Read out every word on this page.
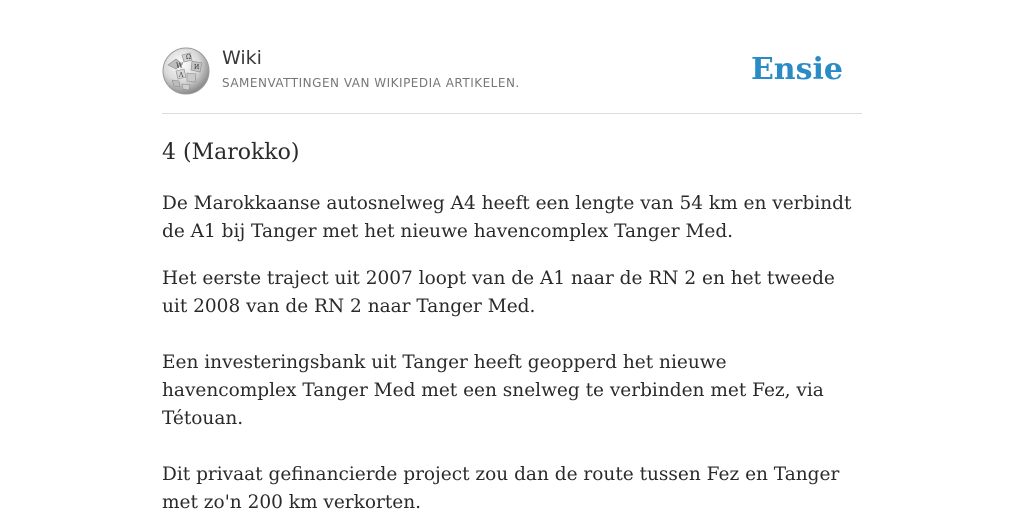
W
Ω
И
Λ
Wiki
SAMENVATTINGEN VAN WIKIPEDIA ARTIKELEN.	Ensie
4 (Marokko)

De Marokkaanse autosnelweg A4 heeft een lengte van 54 km en verbindt de A1 bij Tanger met het nieuwe havencomplex Tanger Med.

Het eerste traject uit 2007 loopt van de A1 naar de RN 2 en het tweede uit 2008 van de RN 2 naar Tanger Med.

Een investeringsbank uit Tanger heeft geopperd het nieuwe havencomplex Tanger Med met een snelweg te verbinden met Fez, via Tétouan.

Dit privaat gefinancierde project zou dan de route tussen Fez en Tanger met zo'n 200 km verkorten.
